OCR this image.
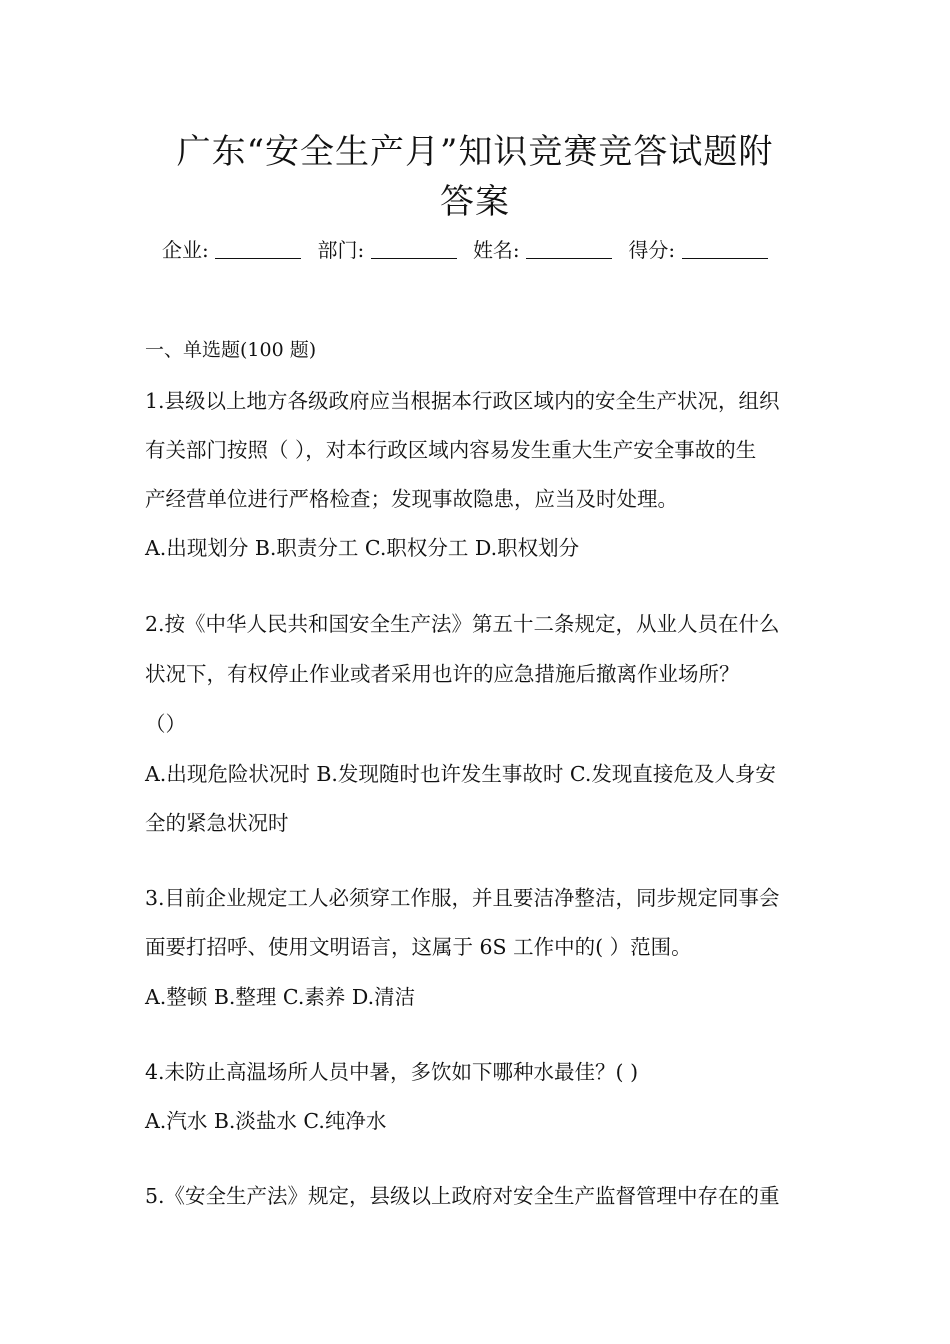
广东“安全生产月”知识竞赛竞答试题附
答案
企业:	部门:	姓名:	得分:
一、单选题(100 题)
1.县级以上地方各级政府应当根据本行政区域内的安全生产状况，组织
有关部门按照（ ），对本行政区域内容易发生重大生产安全事故的生
产经营单位进行严格检查；发现事故隐患，应当及时处理。
A.出现划分 B.职责分工 C.职权分工 D.职权划分
2.按《中华人民共和国安全生产法》第五十二条规定，从业人员在什么
状况下，有权停止作业或者采用也许的应急措施后撤离作业场所？
（）
A.出现危险状况时 B.发现随时也许发生事故时 C.发现直接危及人身安
全的紧急状况时
3.目前企业规定工人必须穿工作服，并且要洁净整洁，同步规定同事会
面要打招呼、使用文明语言，这属于 6S 工作中的( ）范围。
A.整顿 B.整理 C.素养 D.清洁
4.未防止高温场所人员中暑，多饮如下哪种水最佳？( )
A.汽水 B.淡盐水 C.纯净水
5.《安全生产法》规定，县级以上政府对安全生产监督管理中存在的重
